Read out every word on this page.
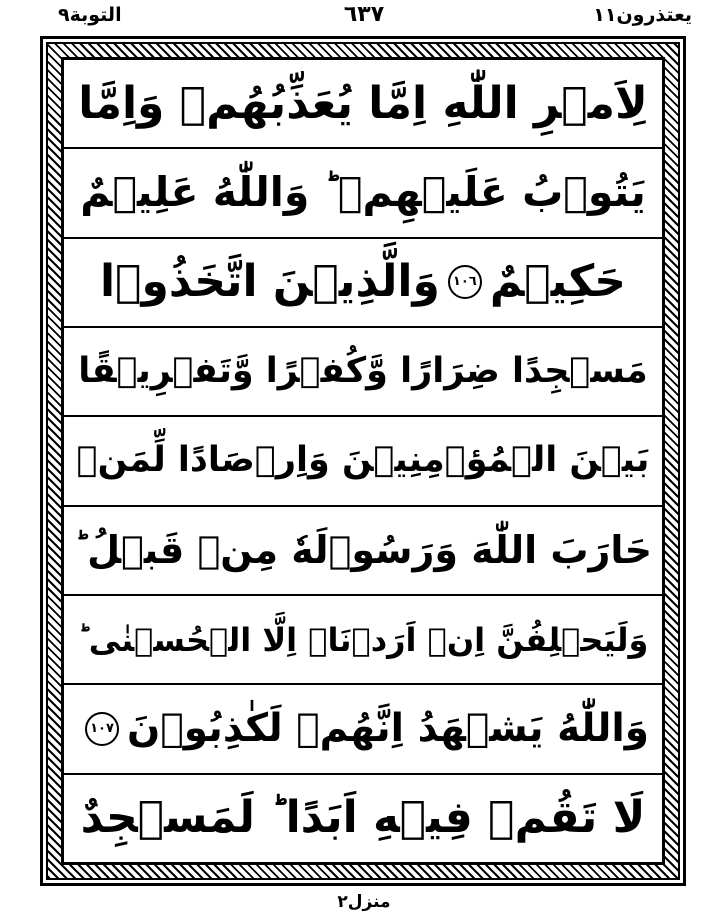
التوبة٩	٦٣٧	يعتذرون١١
لِاَمۡرِ اللّٰهِ اِمَّا يُعَذِّبُهُمۡ وَاِمَّا
يَتُوۡبُ عَلَيۡهِمۡ ؕ وَاللّٰهُ عَلِيۡمٌ
حَكِيۡمٌ
١٠٦
وَالَّذِيۡنَ اتَّخَذُوۡا
مَسۡجِدًا ضِرَارًا وَّكُفۡرًا وَّتَفۡرِيۡقًا
بَيۡنَ الۡمُؤۡمِنِيۡنَ وَاِرۡصَادًا لِّمَنۡ
حَارَبَ اللّٰهَ وَرَسُوۡلَهٗ مِنۡ قَبۡلُ ؕ
وَلَيَحۡلِفُنَّ اِنۡ اَرَدۡنَاۤ اِلَّا الۡحُسۡنٰى ؕ
وَاللّٰهُ يَشۡهَدُ اِنَّهُمۡ لَكٰذِبُوۡنَ
١٠٧
لَا تَقُمۡ فِيۡهِ اَبَدًا ؕ لَمَسۡجِدٌ
منزل٢
